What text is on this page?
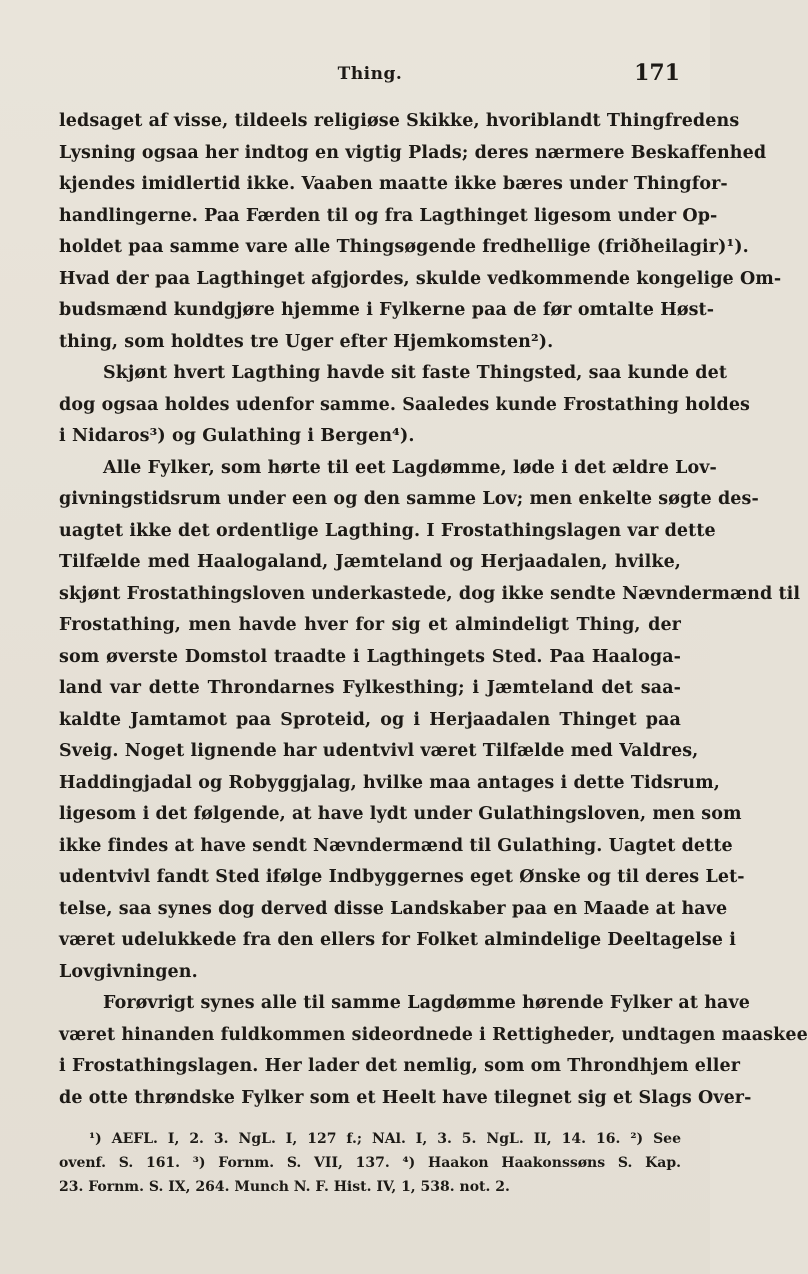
Thing.	171
ledsaget af visse, tildeels religiøse Skikke, hvoriblandt Thingfredens
Lysning ogsaa her indtog en vigtig Plads; deres nærmere Beskaffenhed
kjendes imidlertid ikke. Vaaben maatte ikke bæres under Thingfor-
handlingerne. Paa Færden til og fra Lagthinget ligesom under Op-
holdet paa samme vare alle Thingsøgende fredhellige (friðheilagir)¹).
Hvad der paa Lagthinget afgjordes, skulde vedkommende kongelige Om-
budsmænd kundgjøre hjemme i Fylkerne paa de før omtalte Høst-
thing, som holdtes tre Uger efter Hjemkomsten²).
Skjønt hvert Lagthing havde sit faste Thingsted, saa kunde det
dog ogsaa holdes udenfor samme. Saaledes kunde Frostathing holdes
i Nidaros³) og Gulathing i Bergen⁴).
Alle Fylker, som hørte til eet Lagdømme, løde i det ældre Lov-
givningstidsrum under een og den samme Lov; men enkelte søgte des-
uagtet ikke det ordentlige Lagthing. I Frostathingslagen var dette
Tilfælde med Haalogaland, Jæmteland og Herjaadalen, hvilke,
skjønt Frostathingsloven underkastede, dog ikke sendte Nævndermænd til
Frostathing, men havde hver for sig et almindeligt Thing, der
som øverste Domstol traadte i Lagthingets Sted. Paa Haaloga-
land var dette Throndarnes Fylkesthing; i Jæmteland det saa-
kaldte Jamtamot paa Sproteid, og i Herjaadalen Thinget paa
Sveig. Noget lignende har udentvivl været Tilfælde med Valdres,
Haddingjadal og Robyggjalag, hvilke maa antages i dette Tidsrum,
ligesom i det følgende, at have lydt under Gulathingsloven, men som
ikke findes at have sendt Nævndermænd til Gulathing. Uagtet dette
udentvivl fandt Sted ifølge Indbyggernes eget Ønske og til deres Let-
telse, saa synes dog derved disse Landskaber paa en Maade at have
været udelukkede fra den ellers for Folket almindelige Deeltagelse i
Lovgivningen.
Forøvrigt synes alle til samme Lagdømme hørende Fylker at have
været hinanden fuldkommen sideordnede i Rettigheder, undtagen maaskee
i Frostathingslagen. Her lader det nemlig, som om Throndhjem eller
de otte thrøndske Fylker som et Heelt have tilegnet sig et Slags Over-
¹) AEFL. I, 2. 3. NgL. I, 127 f.; NAl. I, 3. 5. NgL. II, 14. 16. ²) See
ovenf. S. 161. ³) Fornm. S. VII, 137. ⁴) Haakon Haakonssøns S. Kap.
23. Fornm. S. IX, 264. Munch N. F. Hist. IV, 1, 538. not. 2.
